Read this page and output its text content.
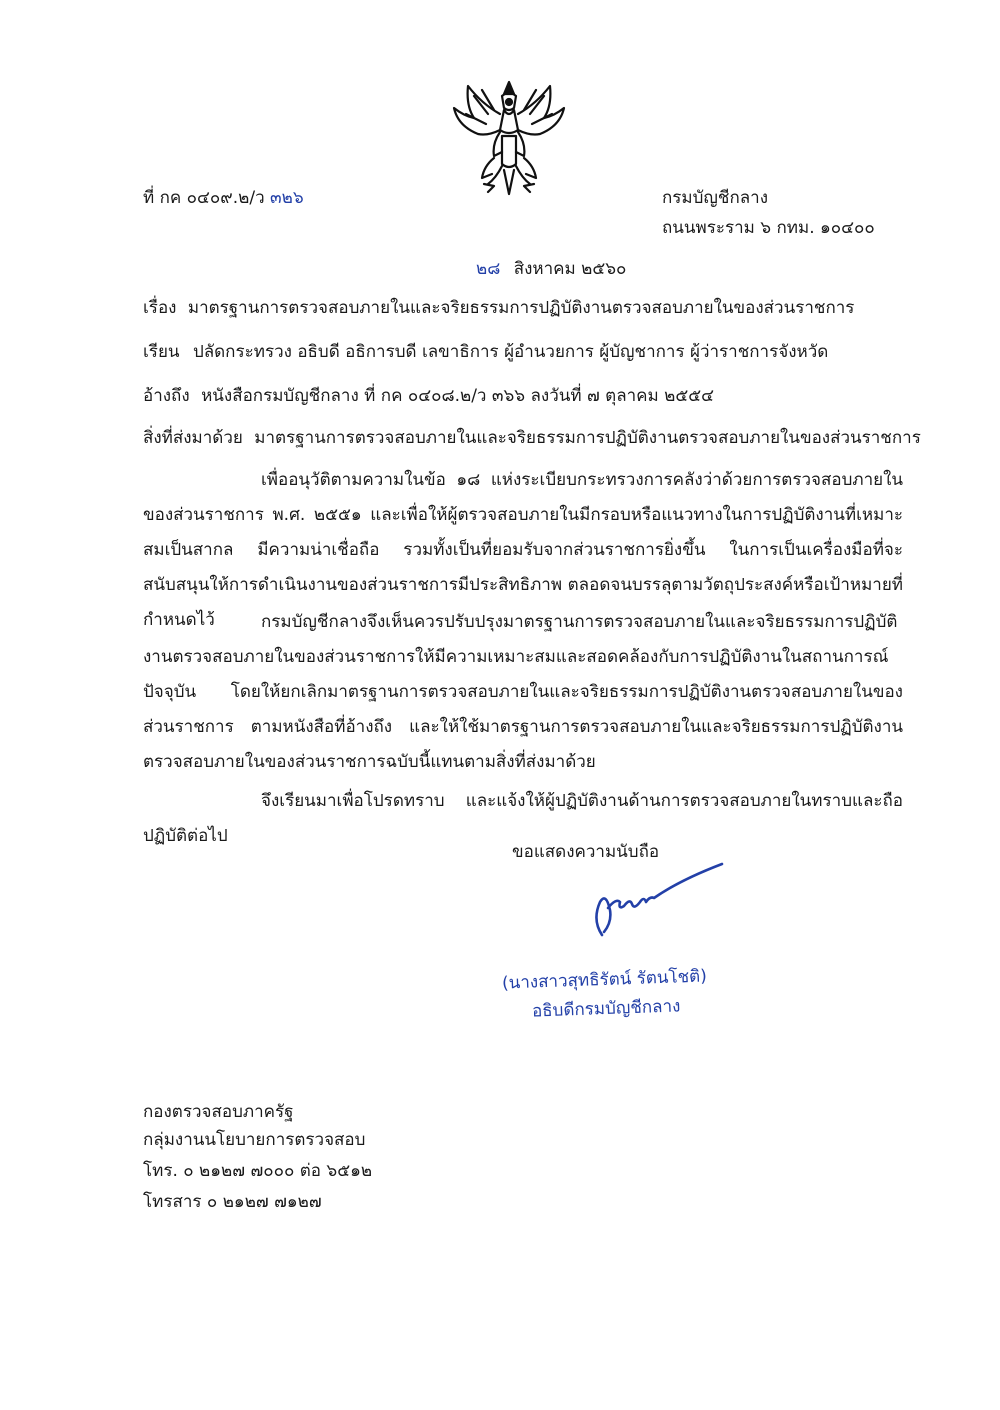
ที่ กค ๐๔๐๙.๒/ว ๓๒๖	กรมบัญชีกลาง
ถนนพระราม ๖ กทม. ๑๐๔๐๐
๒๘ สิงหาคม ๒๕๖๐
เรื่อง มาตรฐานการตรวจสอบภายในและจริยธรรมการปฏิบัติงานตรวจสอบภายในของส่วนราชการ
เรียน ปลัดกระทรวง อธิบดี อธิการบดี เลขาธิการ ผู้อำนวยการ ผู้บัญชาการ ผู้ว่าราชการจังหวัด
อ้างถึง หนังสือกรมบัญชีกลาง ที่ กค ๐๔๐๘.๒/ว ๓๖๖ ลงวันที่ ๗ ตุลาคม ๒๕๕๔
สิ่งที่ส่งมาด้วย มาตรฐานการตรวจสอบภายในและจริยธรรมการปฏิบัติงานตรวจสอบภายในของส่วนราชการ
เพื่ออนุวัติตามความในข้อ ๑๘ แห่งระเบียบกระทรวงการคลังว่าด้วยการตรวจสอบภายในของส่วนราชการ พ.ศ. ๒๕๕๑ และเพื่อให้ผู้ตรวจสอบภายในมีกรอบหรือแนวทางในการปฏิบัติงานที่เหมาะสมเป็นสากล มีความน่าเชื่อถือ รวมทั้งเป็นที่ยอมรับจากส่วนราชการยิ่งขึ้น ในการเป็นเครื่องมือที่จะสนับสนุนให้การดำเนินงานของส่วนราชการมีประสิทธิภาพ ตลอดจนบรรลุตามวัตถุประสงค์หรือเป้าหมายที่กำหนดไว้	กรมบัญชีกลางจึงเห็นควรปรับปรุงมาตรฐานการตรวจสอบภายในและจริยธรรมการปฏิบัติงานตรวจสอบภายในของส่วนราชการให้มีความเหมาะสมและสอดคล้องกับการปฏิบัติงานในสถานการณ์ปัจจุบัน โดยให้ยกเลิกมาตรฐานการตรวจสอบภายในและจริยธรรมการปฏิบัติงานตรวจสอบภายในของส่วนราชการ ตามหนังสือที่อ้างถึง และให้ใช้มาตรฐานการตรวจสอบภายในและจริยธรรมการปฏิบัติงานตรวจสอบภายในของส่วนราชการฉบับนี้แทนตามสิ่งที่ส่งมาด้วย
จึงเรียนมาเพื่อโปรดทราบ และแจ้งให้ผู้ปฏิบัติงานด้านการตรวจสอบภายในทราบและถือปฏิบัติต่อไป
ขอแสดงความนับถือ
(นางสาวสุทธิรัตน์ รัตนโชติ)
อธิบดีกรมบัญชีกลาง
กองตรวจสอบภาครัฐ
กลุ่มงานนโยบายการตรวจสอบ
โทร. ๐ ๒๑๒๗ ๗๐๐๐ ต่อ ๖๕๑๒
โทรสาร ๐ ๒๑๒๗ ๗๑๒๗
